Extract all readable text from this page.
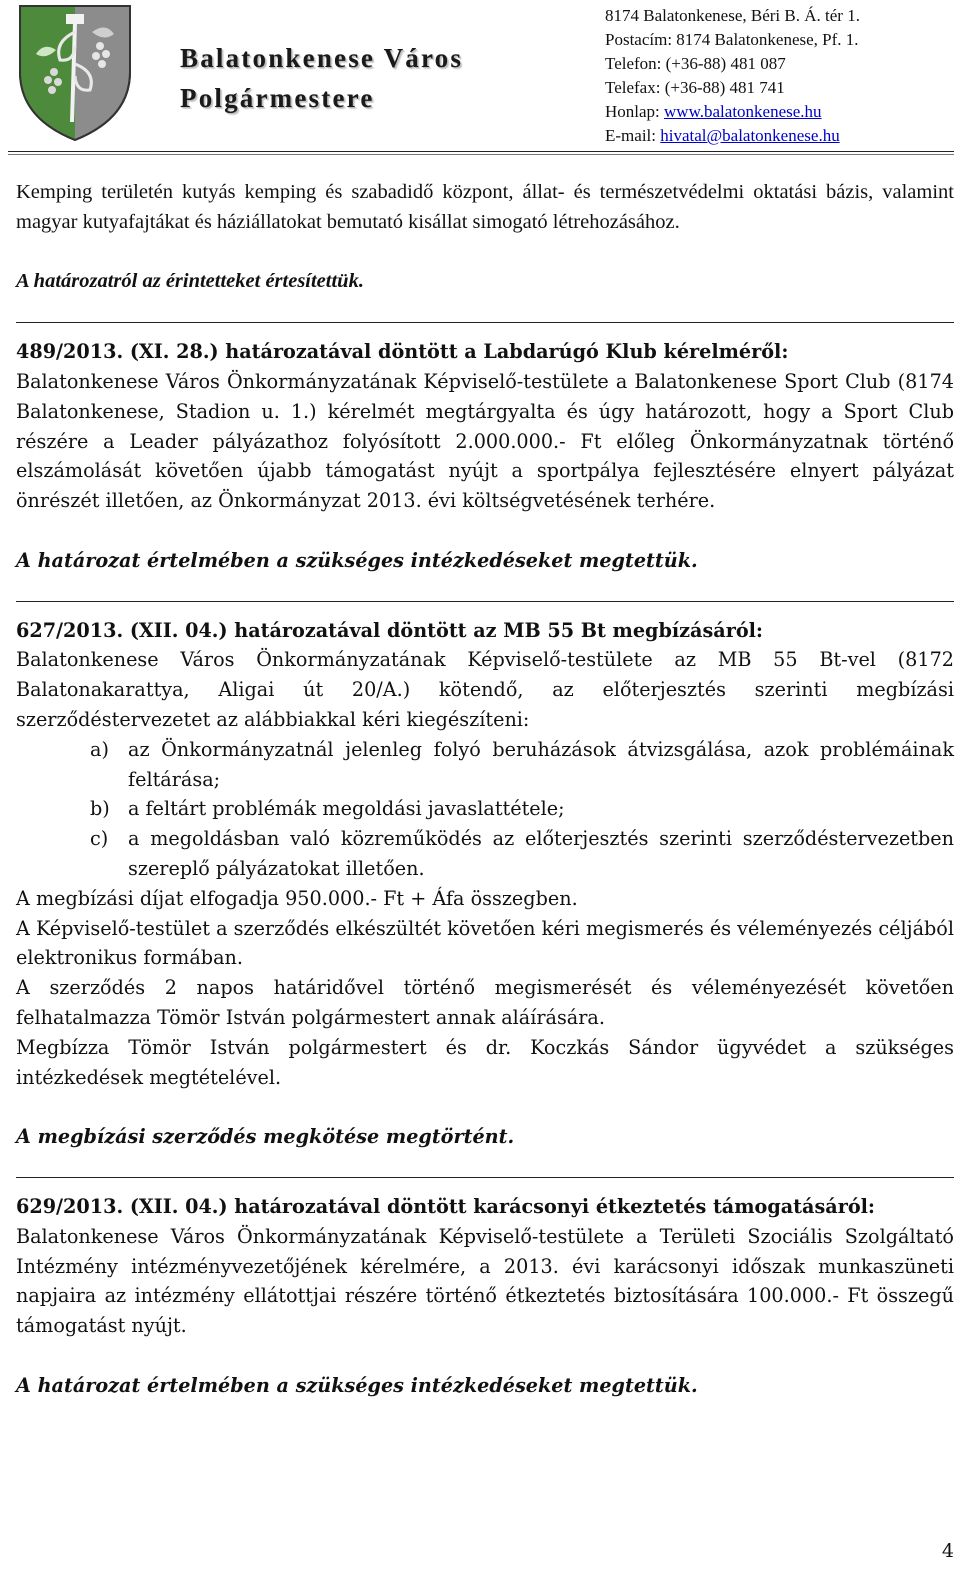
Balatonkenese Város
Polgármestere
8174 Balatonkenese, Béri B. Á. tér 1.
Postacím: 8174 Balatonkenese, Pf. 1.
Telefon: (+36-88) 481 087
Telefax: (+36-88) 481 741
Honlap: www.balatonkenese.hu
E-mail: hivatal@balatonkenese.hu

Kemping területén kutyás kemping és szabadidő központ, állat- és természetvédelmi oktatási bázis, valamint magyar kutyafajtákat és háziállatokat bemutató kisállat simogató létrehozásához.

A határozatról az érintetteket értesítettük.

489/2013. (XI. 28.) határozatával döntött a Labdarúgó Klub kérelméről:

Balatonkenese Város Önkormányzatának Képviselő-testülete a Balatonkenese Sport Club (8174 Balatonkenese, Stadion u. 1.) kérelmét megtárgyalta és úgy határozott, hogy a Sport Club részére a Leader pályázathoz folyósított 2.000.000.- Ft előleg Önkormányzatnak történő elszámolását követően újabb támogatást nyújt a sportpálya fejlesztésére elnyert pályázat önrészét illetően, az Önkormányzat 2013. évi költségvetésének terhére.

A határozat értelmében a szükséges intézkedéseket megtettük.

627/2013. (XII. 04.) határozatával döntött az MB 55 Bt megbízásáról:

Balatonkenese Város Önkormányzatának Képviselő-testülete az MB 55 Bt-vel (8172 Balatonakarattya, Aligai út 20/A.) kötendő, az előterjesztés szerinti megbízási szerződéstervezetet az alábbiakkal kéri kiegészíteni:

a) az Önkormányzatnál jelenleg folyó beruházások átvizsgálása, azok problémáinak feltárása;
b) a feltárt problémák megoldási javaslattétele;
c) a megoldásban való közreműködés az előterjesztés szerinti szerződéstervezetben szereplő pályázatokat illetően.

A megbízási díjat elfogadja 950.000.- Ft + Áfa összegben.

A Képviselő-testület a szerződés elkészültét követően kéri megismerés és véleményezés céljából elektronikus formában.

A szerződés 2 napos határidővel történő megismerését és véleményezését követően felhatalmazza Tömör István polgármestert annak aláírására.

Megbízza Tömör István polgármestert és dr. Koczkás Sándor ügyvédet a szükséges intézkedések megtételével.

A megbízási szerződés megkötése megtörtént.

629/2013. (XII. 04.) határozatával döntött karácsonyi étkeztetés támogatásáról:

Balatonkenese Város Önkormányzatának Képviselő-testülete a Területi Szociális Szolgáltató Intézmény intézményvezetőjének kérelmére, a 2013. évi karácsonyi időszak munkaszüneti napjaira az intézmény ellátottjai részére történő étkeztetés biztosítására 100.000.- Ft összegű támogatást nyújt.

A határozat értelmében a szükséges intézkedéseket megtettük.

4
